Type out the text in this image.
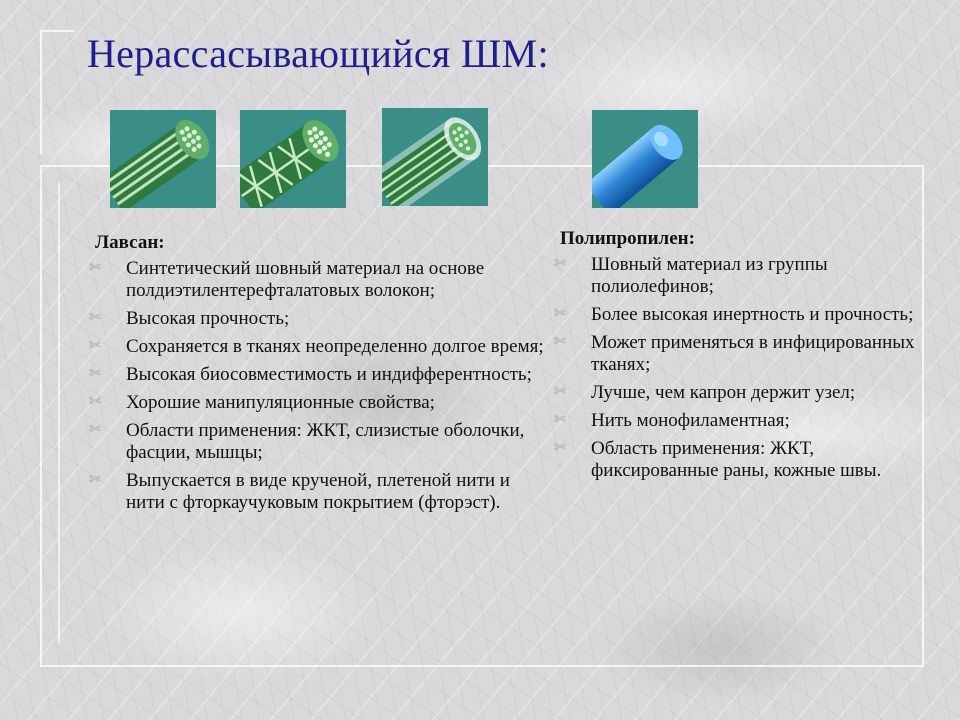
Нерассасывающийся ШМ:
Лавсан:
✂	Синтетический шовный материал на основе полдиэтилентерефталатовых волокон;
✂	Высокая прочность;
✂	Сохраняется в тканях неопределенно долгое время;
✂	Высокая биосовместимость и индифферентность;
✂	Хорошие манипуляционные свойства;
✂	Области применения: ЖКТ, слизистые оболочки, фасции, мышцы;
✂	Выпускается в виде крученой, плетеной нити и нити с фторкаучуковым покрытием (фторэст).
Полипропилен:
✂	Шовный материал из группы полиолефинов;
✂	Более высокая инертность и прочность;
✂	Может применяться в инфицированных тканях;
✂	Лучше, чем капрон держит узел;
✂	Нить монофиламентная;
✂	Область применения: ЖКТ, фиксированные раны, кожные швы.
